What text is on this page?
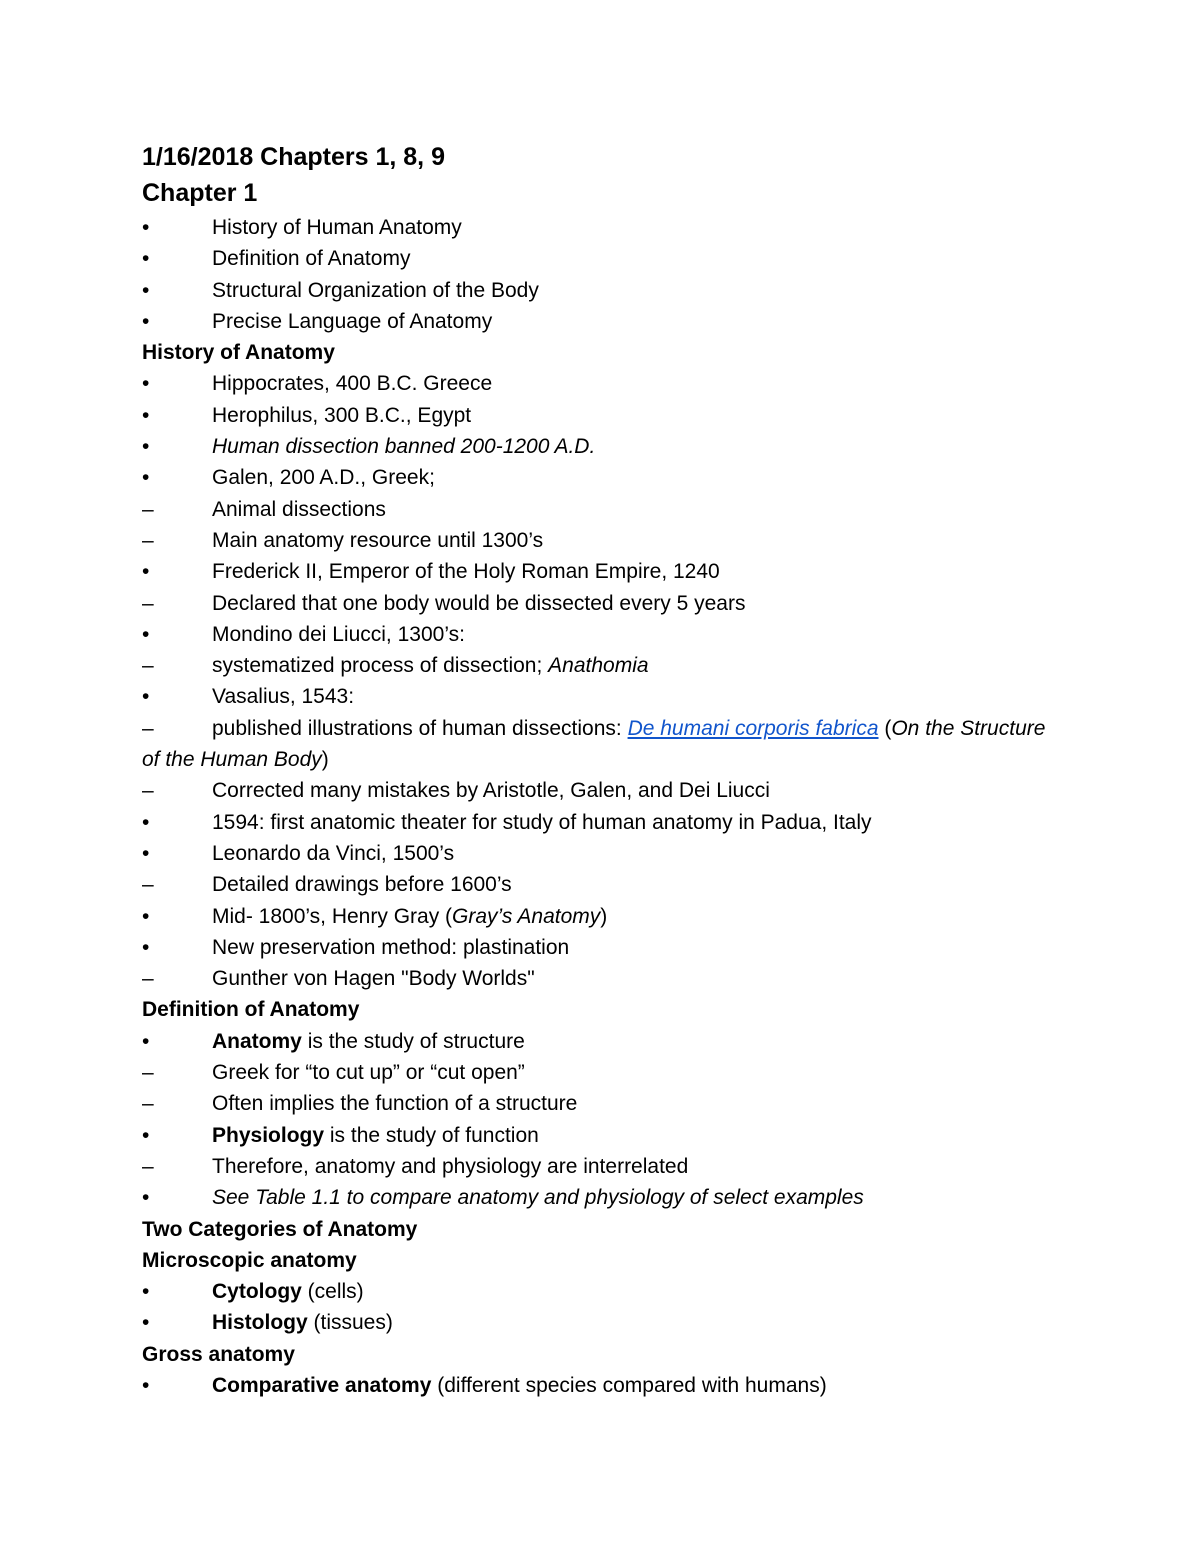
1/16/2018 Chapters 1, 8, 9
Chapter 1
•	History of Human Anatomy
•	Definition of Anatomy
•	Structural Organization of the Body
•	Precise Language of Anatomy
History of Anatomy
•	Hippocrates, 400 B.C. Greece
•	Herophilus, 300 B.C., Egypt
•	Human dissection banned 200-1200 A.D.
•	Galen, 200 A.D., Greek;
–	Animal dissections
–	Main anatomy resource until 1300’s
•	Frederick II, Emperor of the Holy Roman Empire, 1240
–	Declared that one body would be dissected every 5 years
•	Mondino dei Liucci, 1300’s:
–	systematized process of dissection; Anathomia
•	Vasalius, 1543:
–	published illustrations of human dissections: De humani corporis fabrica (On the Structure of the Human Body)
–	Corrected many mistakes by Aristotle, Galen, and Dei Liucci
•	1594: first anatomic theater for study of human anatomy in Padua, Italy
•	Leonardo da Vinci, 1500’s
–	Detailed drawings before 1600’s
•	Mid- 1800’s, Henry Gray (Gray’s Anatomy)
•	New preservation method: plastination
–	Gunther von Hagen "Body Worlds"
Definition of Anatomy
•	Anatomy is the study of structure
–	Greek for “to cut up” or “cut open”
–	Often implies the function of a structure
•	Physiology is the study of function
–	Therefore, anatomy and physiology are interrelated
•	See Table 1.1 to compare anatomy and physiology of select examples
Two Categories of Anatomy
Microscopic anatomy
•	Cytology (cells)
•	Histology (tissues)
Gross anatomy
•	Comparative anatomy (different species compared with humans)
